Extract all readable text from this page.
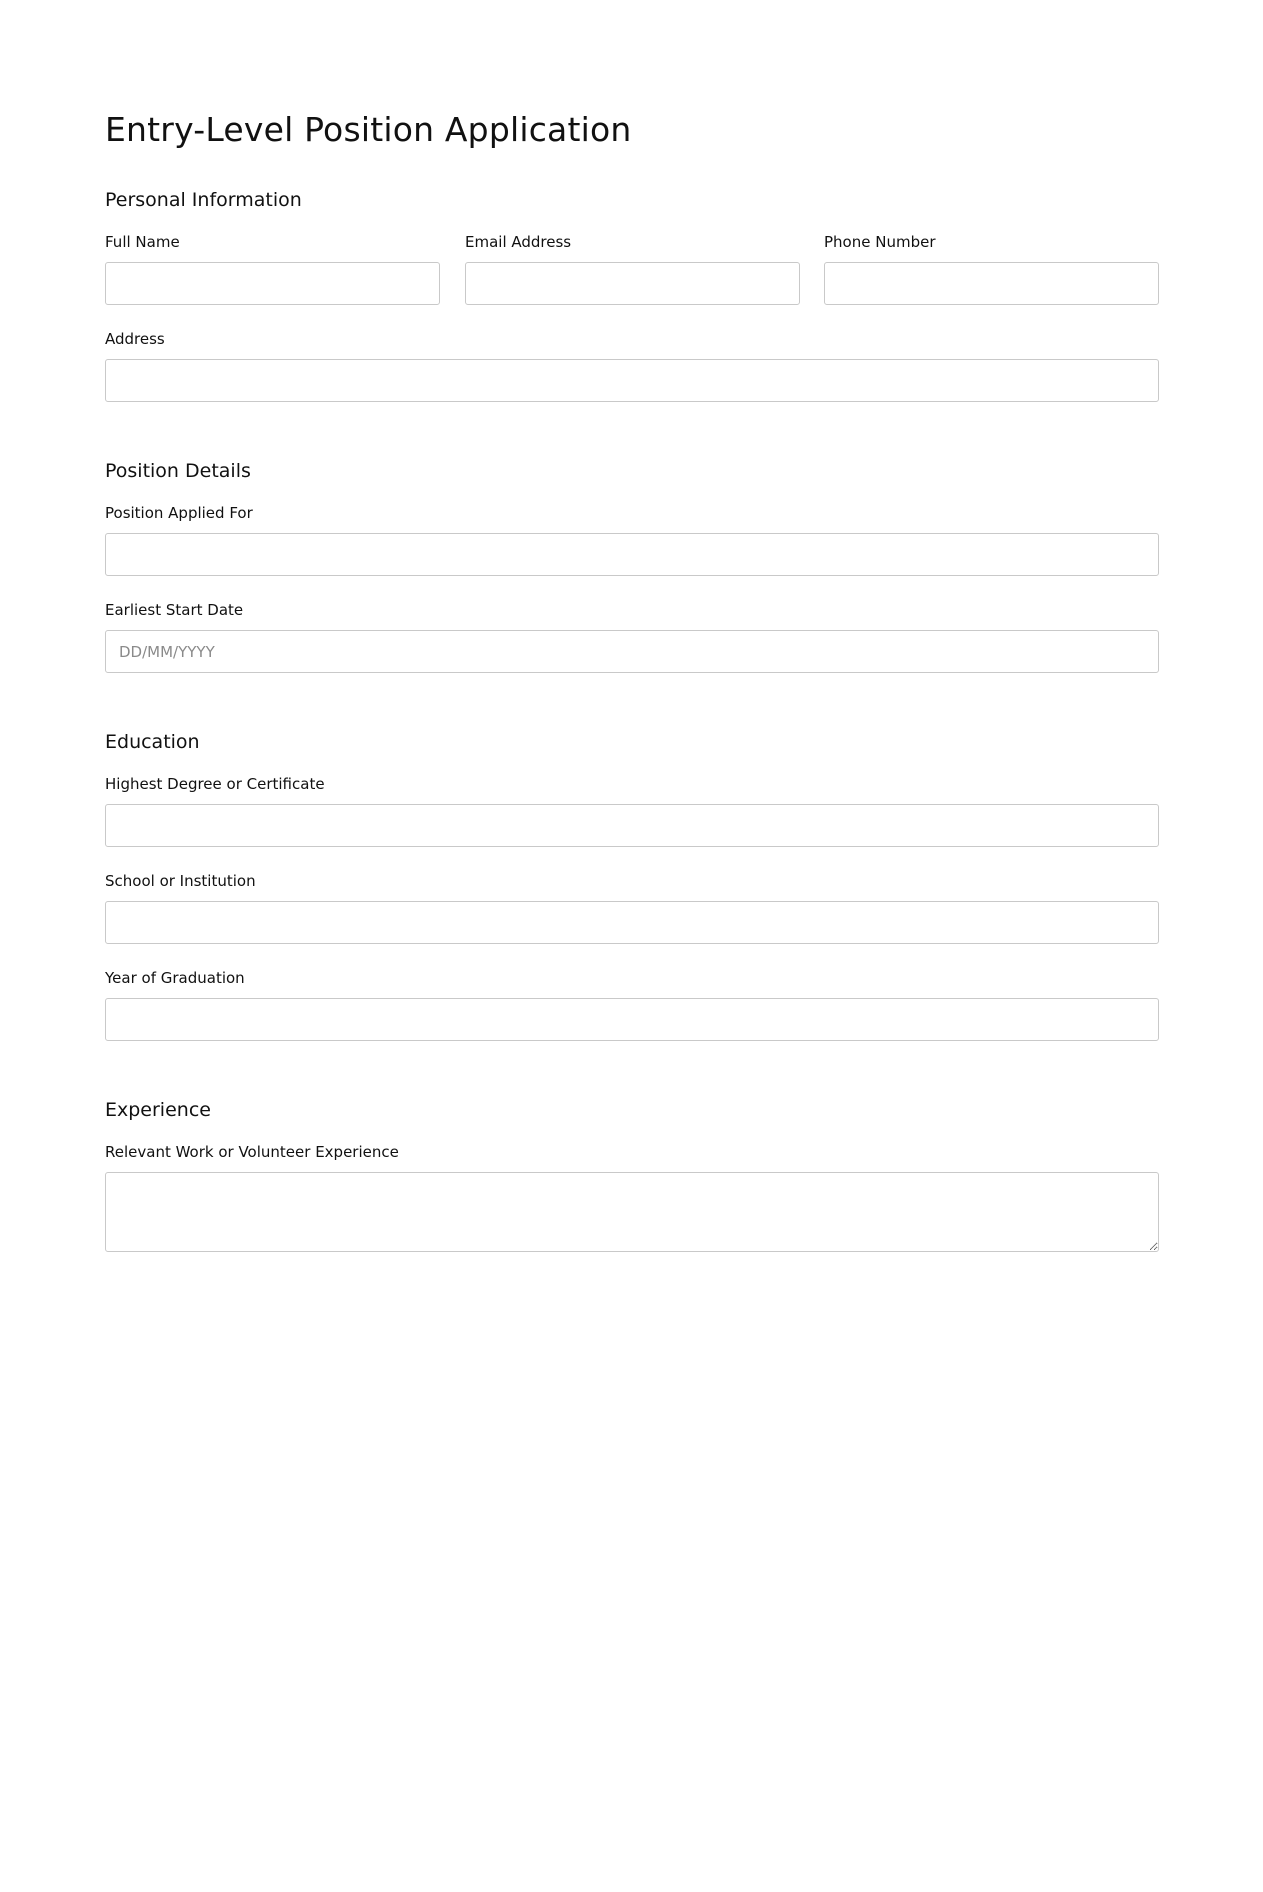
Entry-Level Position Application
Personal Information
Full Name	Email Address	Phone Number
Address
Position Details
Position Applied For
Earliest Start Date
DD/MM/YYYY
Education
Highest Degree or Certificate
School or Institution
Year of Graduation
Experience
Relevant Work or Volunteer Experience
